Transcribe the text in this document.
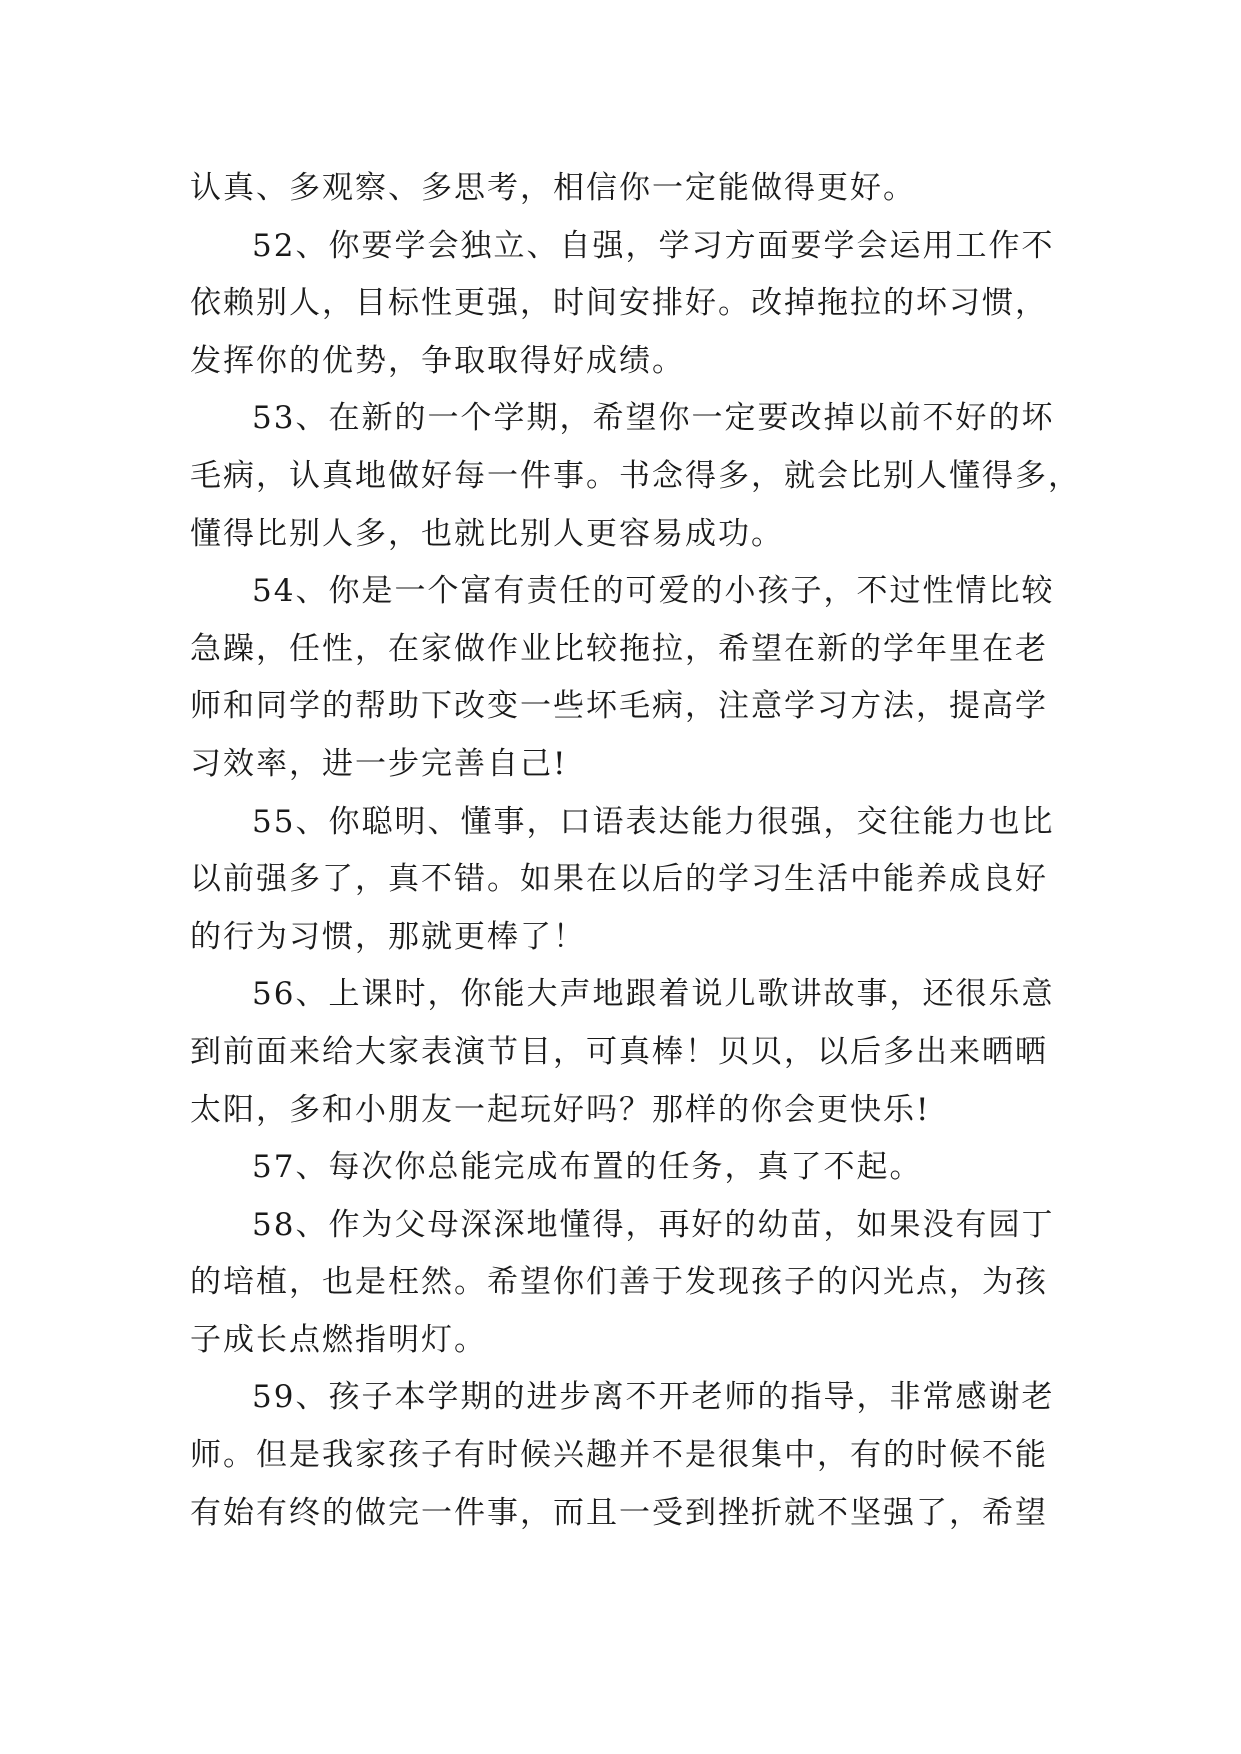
认真、多观察、多思考，相信你一定能做得更好。
52、你要学会独立、自强，学习方面要学会运用工作不
依赖别人，目标性更强，时间安排好。改掉拖拉的坏习惯，
发挥你的优势，争取取得好成绩。
53、在新的一个学期，希望你一定要改掉以前不好的坏
毛病，认真地做好每一件事。书念得多，就会比别人懂得多，
懂得比别人多，也就比别人更容易成功。
54、你是一个富有责任的可爱的小孩子，不过性情比较
急躁，任性，在家做作业比较拖拉，希望在新的学年里在老
师和同学的帮助下改变一些坏毛病，注意学习方法，提高学
习效率，进一步完善自己!
55、你聪明、懂事，口语表达能力很强，交往能力也比
以前强多了，真不错。如果在以后的学习生活中能养成良好
的行为习惯，那就更棒了！
56、上课时，你能大声地跟着说儿歌讲故事，还很乐意
到前面来给大家表演节目，可真棒！贝贝，以后多出来晒晒
太阳，多和小朋友一起玩好吗？那样的你会更快乐!
57、每次你总能完成布置的任务，真了不起。
58、作为父母深深地懂得，再好的幼苗，如果没有园丁
的培植，也是枉然。希望你们善于发现孩子的闪光点，为孩
子成长点燃指明灯。
59、孩子本学期的进步离不开老师的指导，非常感谢老
师。但是我家孩子有时候兴趣并不是很集中，有的时候不能
有始有终的做完一件事，而且一受到挫折就不坚强了，希望
